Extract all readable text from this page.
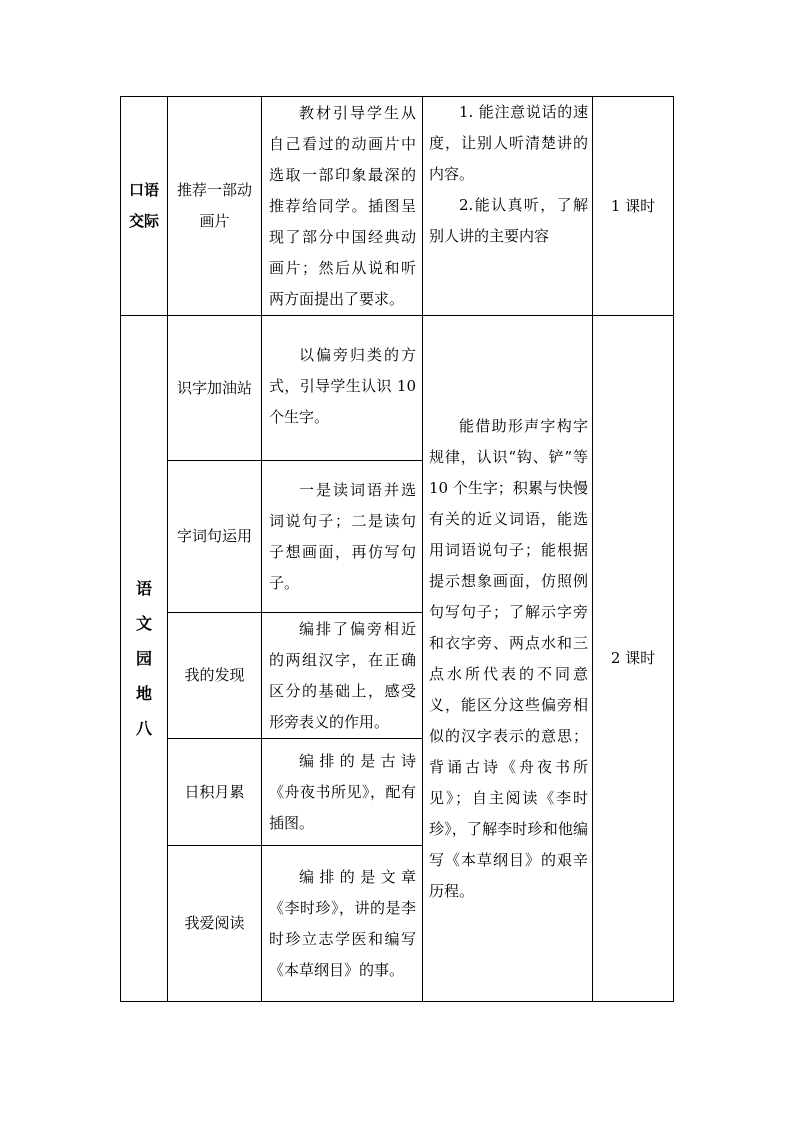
口语
交际
推荐一部动
画片
教材引导学生从自己看过的动画片中选取一部印象最深的推荐给同学。插图呈现了部分中国经典动画片；然后从说和听两方面提出了要求。
1. 能注意说话的速度，让别人听清楚讲的内容。
2.能认真听，了解别人讲的主要内容
1 课时
语
文
园
地
八
识字加油站
以偏旁归类的方式，引导学生认识 10 个生字。
字词句运用
一是读词语并选词说句子；二是读句子想画面，再仿写句子。
我的发现
编排了偏旁相近的两组汉字，在正确区分的基础上，感受形旁表义的作用。
日积月累
编排的是古诗《舟夜书所见》，配有插图。
我爱阅读
编排的是文章《李时珍》，讲的是李时珍立志学医和编写《本草纲目》的事。
能借助形声字构字规律，认识“钩、铲”等 10 个生字；积累与快慢有关的近义词语，能选用词语说句子；能根据提示想象画面，仿照例句写句子；了解示字旁和衣字旁、两点水和三点水所代表的不同意义，能区分这些偏旁相似的汉字表示的意思；背诵古诗《舟夜书所见》；自主阅读《李时珍》，了解李时珍和他编写《本草纲目》的艰辛历程。
2 课时
